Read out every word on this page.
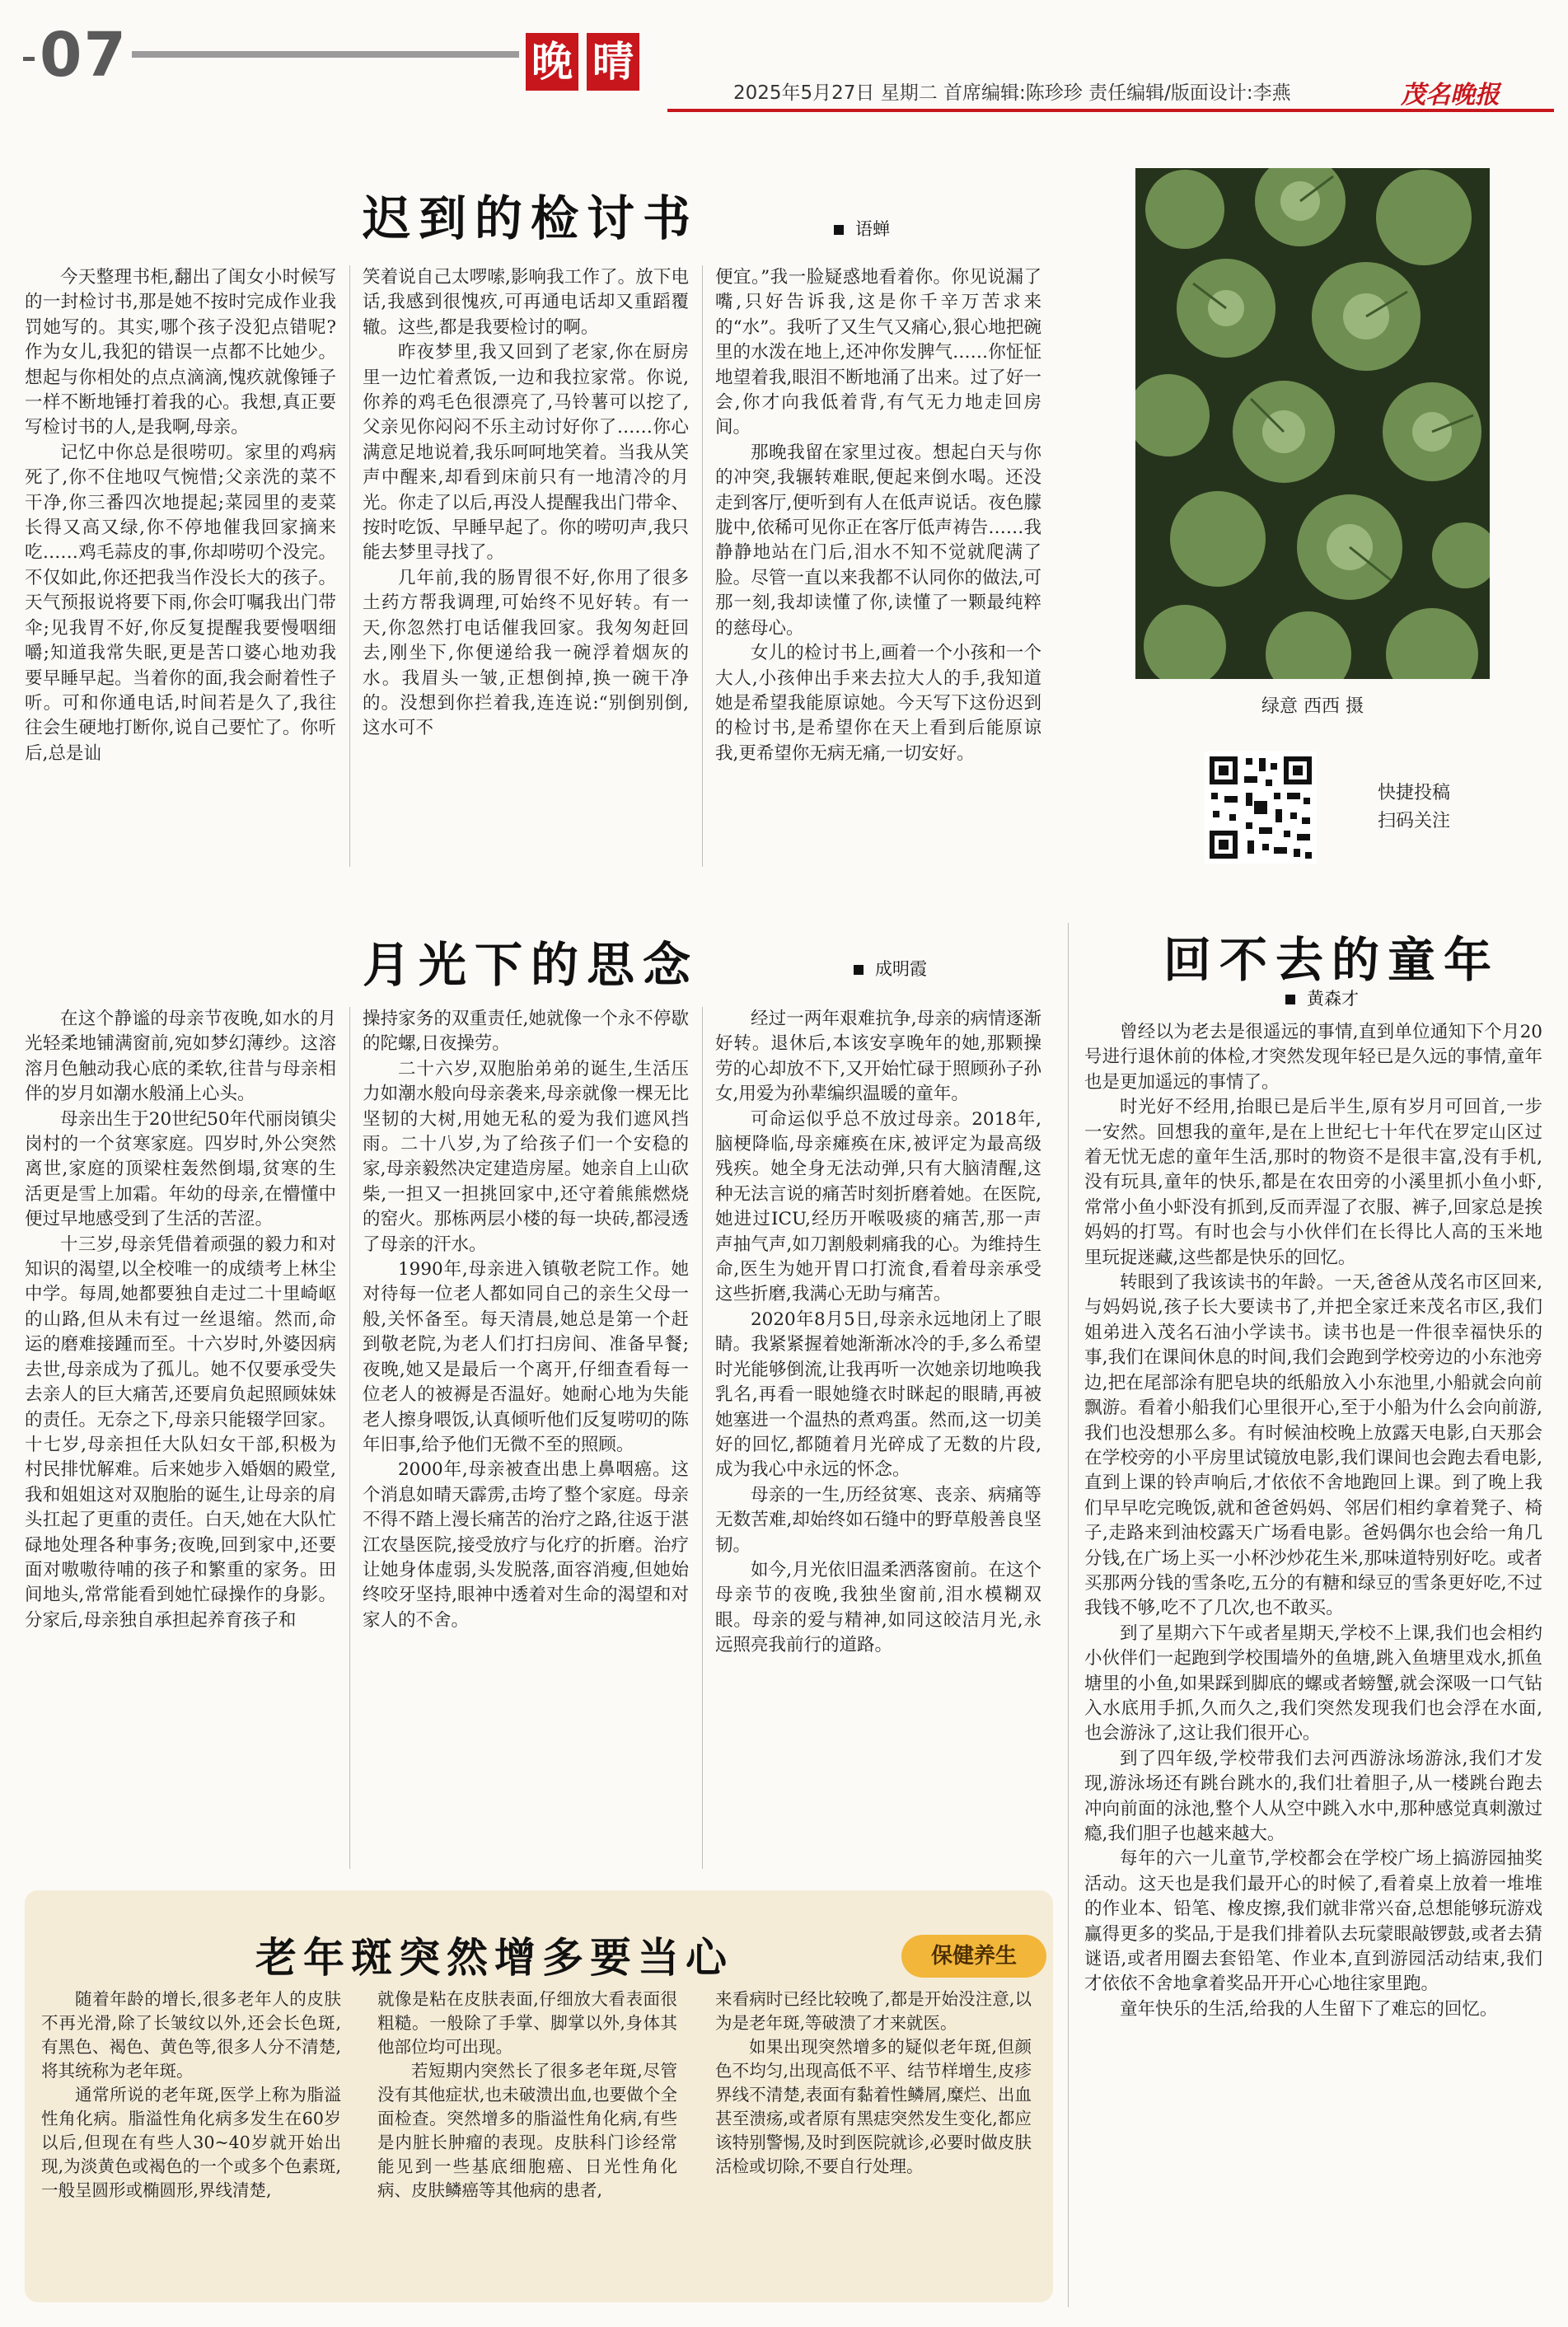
07	晚 晴
2025年5月27日 星期二 首席编辑:陈珍珍 责任编辑/版面设计:李燕	茂名晚报
迟到的检讨书	语蝉

今天整理书柜,翻出了闺女小时候写的一封检讨书,那是她不按时完成作业我罚她写的。其实,哪个孩子没犯点错呢?作为女儿,我犯的错误一点都不比她少。想起与你相处的点点滴滴,愧疚就像锤子一样不断地锤打着我的心。我想,真正要写检讨书的人,是我啊,母亲。

记忆中你总是很唠叨。家里的鸡病死了,你不住地叹气惋惜;父亲洗的菜不干净,你三番四次地提起;菜园里的麦菜长得又高又绿,你不停地催我回家摘来吃……鸡毛蒜皮的事,你却唠叨个没完。不仅如此,你还把我当作没长大的孩子。天气预报说将要下雨,你会叮嘱我出门带伞;见我胃不好,你反复提醒我要慢咽细嚼;知道我常失眠,更是苦口婆心地劝我要早睡早起。当着你的面,我会耐着性子听。可和你通电话,时间若是久了,我往往会生硬地打断你,说自己要忙了。你听后,总是讪

笑着说自己太啰嗦,影响我工作了。放下电话,我感到很愧疚,可再通电话却又重蹈覆辙。这些,都是我要检讨的啊。

昨夜梦里,我又回到了老家,你在厨房里一边忙着煮饭,一边和我拉家常。你说,你养的鸡毛色很漂亮了,马铃薯可以挖了,父亲见你闷闷不乐主动讨好你了……你心满意足地说着,我乐呵呵地笑着。当我从笑声中醒来,却看到床前只有一地清冷的月光。你走了以后,再没人提醒我出门带伞、按时吃饭、早睡早起了。你的唠叨声,我只能去梦里寻找了。

几年前,我的肠胃很不好,你用了很多土药方帮我调理,可始终不见好转。有一天,你忽然打电话催我回家。我匆匆赶回去,刚坐下,你便递给我一碗浮着烟灰的水。我眉头一皱,正想倒掉,换一碗干净的。没想到你拦着我,连连说:“别倒别倒,这水可不

便宜。”我一脸疑惑地看着你。你见说漏了嘴,只好告诉我,这是你千辛万苦求来的“水”。我听了又生气又痛心,狠心地把碗里的水泼在地上,还冲你发脾气……你怔怔地望着我,眼泪不断地涌了出来。过了好一会,你才向我低着背,有气无力地走回房间。

那晚我留在家里过夜。想起白天与你的冲突,我辗转难眠,便起来倒水喝。还没走到客厅,便听到有人在低声说话。夜色朦胧中,依稀可见你正在客厅低声祷告……我静静地站在门后,泪水不知不觉就爬满了脸。尽管一直以来我都不认同你的做法,可那一刻,我却读懂了你,读懂了一颗最纯粹的慈母心。

女儿的检讨书上,画着一个小孩和一个大人,小孩伸出手来去拉大人的手,我知道她是希望我能原谅她。今天写下这份迟到的检讨书,是希望你在天上看到后能原谅我,更希望你无病无痛,一切安好。

绿意 西西 摄
快捷投稿
扫码关注
月光下的思念	成明霞

在这个静谧的母亲节夜晚,如水的月光轻柔地铺满窗前,宛如梦幻薄纱。这溶溶月色触动我心底的柔软,往昔与母亲相伴的岁月如潮水般涌上心头。

母亲出生于20世纪50年代丽岗镇尖岗村的一个贫寒家庭。四岁时,外公突然离世,家庭的顶梁柱轰然倒塌,贫寒的生活更是雪上加霜。年幼的母亲,在懵懂中便过早地感受到了生活的苦涩。

十三岁,母亲凭借着顽强的毅力和对知识的渴望,以全校唯一的成绩考上林尘中学。每周,她都要独自走过二十里崎岖的山路,但从未有过一丝退缩。然而,命运的磨难接踵而至。十六岁时,外婆因病去世,母亲成为了孤儿。她不仅要承受失去亲人的巨大痛苦,还要肩负起照顾妹妹的责任。无奈之下,母亲只能辍学回家。十七岁,母亲担任大队妇女干部,积极为村民排忧解难。后来她步入婚姻的殿堂,我和姐姐这对双胞胎的诞生,让母亲的肩头扛起了更重的责任。白天,她在大队忙碌地处理各种事务;夜晚,回到家中,还要面对嗷嗷待哺的孩子和繁重的家务。田间地头,常常能看到她忙碌操作的身影。分家后,母亲独自承担起养育孩子和

操持家务的双重责任,她就像一个永不停歇的陀螺,日夜操劳。

二十六岁,双胞胎弟弟的诞生,生活压力如潮水般向母亲袭来,母亲就像一棵无比坚韧的大树,用她无私的爱为我们遮风挡雨。二十八岁,为了给孩子们一个安稳的家,母亲毅然决定建造房屋。她亲自上山砍柴,一担又一担挑回家中,还守着熊熊燃烧的窑火。那栋两层小楼的每一块砖,都浸透了母亲的汗水。

1990年,母亲进入镇敬老院工作。她对待每一位老人都如同自己的亲生父母一般,关怀备至。每天清晨,她总是第一个赶到敬老院,为老人们打扫房间、准备早餐;夜晚,她又是最后一个离开,仔细查看每一位老人的被褥是否温好。她耐心地为失能老人擦身喂饭,认真倾听他们反复唠叨的陈年旧事,给予他们无微不至的照顾。

2000年,母亲被查出患上鼻咽癌。这个消息如晴天霹雳,击垮了整个家庭。母亲不得不踏上漫长痛苦的治疗之路,往返于湛江农垦医院,接受放疗与化疗的折磨。治疗让她身体虚弱,头发脱落,面容消瘦,但她始终咬牙坚持,眼神中透着对生命的渴望和对家人的不舍。

经过一两年艰难抗争,母亲的病情逐渐好转。退休后,本该安享晚年的她,那颗操劳的心却放不下,又开始忙碌于照顾孙子孙女,用爱为孙辈编织温暖的童年。

可命运似乎总不放过母亲。2018年,脑梗降临,母亲瘫痪在床,被评定为最高级残疾。她全身无法动弹,只有大脑清醒,这种无法言说的痛苦时刻折磨着她。在医院,她进过ICU,经历开喉吸痰的痛苦,那一声声抽气声,如刀割般刺痛我的心。为维持生命,医生为她开胃口打流食,看着母亲承受这些折磨,我满心无助与痛苦。

2020年8月5日,母亲永远地闭上了眼睛。我紧紧握着她渐渐冰冷的手,多么希望时光能够倒流,让我再听一次她亲切地唤我乳名,再看一眼她缝衣时眯起的眼睛,再被她塞进一个温热的煮鸡蛋。然而,这一切美好的回忆,都随着月光碎成了无数的片段,成为我心中永远的怀念。

母亲的一生,历经贫寒、丧亲、病痛等无数苦难,却始终如石缝中的野草般善良坚韧。

如今,月光依旧温柔洒落窗前。在这个母亲节的夜晚,我独坐窗前,泪水模糊双眼。母亲的爱与精神,如同这皎洁月光,永远照亮我前行的道路。

回不去的童年
黄森才

曾经以为老去是很遥远的事情,直到单位通知下个月20号进行退休前的体检,才突然发现年轻已是久远的事情,童年也是更加遥远的事情了。

时光好不经用,抬眼已是后半生,原有岁月可回首,一步一安然。回想我的童年,是在上世纪七十年代在罗定山区过着无忧无虑的童年生活,那时的物资不是很丰富,没有手机,没有玩具,童年的快乐,都是在农田旁的小溪里抓小鱼小虾,常常小鱼小虾没有抓到,反而弄湿了衣服、裤子,回家总是挨妈妈的打骂。有时也会与小伙伴们在长得比人高的玉米地里玩捉迷藏,这些都是快乐的回忆。

转眼到了我该读书的年龄。一天,爸爸从茂名市区回来,与妈妈说,孩子长大要读书了,并把全家迁来茂名市区,我们姐弟进入茂名石油小学读书。读书也是一件很幸福快乐的事,我们在课间休息的时间,我们会跑到学校旁边的小东池旁边,把在尾部涂有肥皂块的纸船放入小东池里,小船就会向前飘游。看着小船我们心里很开心,至于小船为什么会向前游,我们也没想那么多。有时候油校晚上放露天电影,白天那会在学校旁的小平房里试镜放电影,我们课间也会跑去看电影,直到上课的铃声响后,才依依不舍地跑回上课。到了晚上我们早早吃完晚饭,就和爸爸妈妈、邻居们相约拿着凳子、椅子,走路来到油校露天广场看电影。爸妈偶尔也会给一角几分钱,在广场上买一小杯沙炒花生米,那味道特别好吃。或者买那两分钱的雪条吃,五分的有糖和绿豆的雪条更好吃,不过我钱不够,吃不了几次,也不敢买。

到了星期六下午或者星期天,学校不上课,我们也会相约小伙伴们一起跑到学校围墙外的鱼塘,跳入鱼塘里戏水,抓鱼塘里的小鱼,如果踩到脚底的螺或者螃蟹,就会深吸一口气钻入水底用手抓,久而久之,我们突然发现我们也会浮在水面,也会游泳了,这让我们很开心。

到了四年级,学校带我们去河西游泳场游泳,我们才发现,游泳场还有跳台跳水的,我们壮着胆子,从一楼跳台跑去冲向前面的泳池,整个人从空中跳入水中,那种感觉真刺激过瘾,我们胆子也越来越大。

每年的六一儿童节,学校都会在学校广场上搞游园抽奖活动。这天也是我们最开心的时候了,看着桌上放着一堆堆的作业本、铅笔、橡皮擦,我们就非常兴奋,总想能够玩游戏赢得更多的奖品,于是我们排着队去玩蒙眼敲锣鼓,或者去猜谜语,或者用圈去套铅笔、作业本,直到游园活动结束,我们才依依不舍地拿着奖品开开心心地往家里跑。

童年快乐的生活,给我的人生留下了难忘的回忆。

老年斑突然增多要当心	保健养生

随着年龄的增长,很多老年人的皮肤不再光滑,除了长皱纹以外,还会长色斑,有黑色、褐色、黄色等,很多人分不清楚,将其统称为老年斑。

通常所说的老年斑,医学上称为脂溢性角化病。脂溢性角化病多发生在60岁以后,但现在有些人30~40岁就开始出现,为淡黄色或褐色的一个或多个色素斑,一般呈圆形或椭圆形,界线清楚,

就像是粘在皮肤表面,仔细放大看表面很粗糙。一般除了手掌、脚掌以外,身体其他部位均可出现。

若短期内突然长了很多老年斑,尽管没有其他症状,也未破溃出血,也要做个全面检查。突然增多的脂溢性角化病,有些是内脏长肿瘤的表现。皮肤科门诊经常能见到一些基底细胞癌、日光性角化病、皮肤鳞癌等其他病的患者,

来看病时已经比较晚了,都是开始没注意,以为是老年斑,等破溃了才来就医。

如果出现突然增多的疑似老年斑,但颜色不均匀,出现高低不平、结节样增生,皮疹界线不清楚,表面有黏着性鳞屑,糜烂、出血甚至溃疡,或者原有黑痣突然发生变化,都应该特别警惕,及时到医院就诊,必要时做皮肤活检或切除,不要自行处理。
